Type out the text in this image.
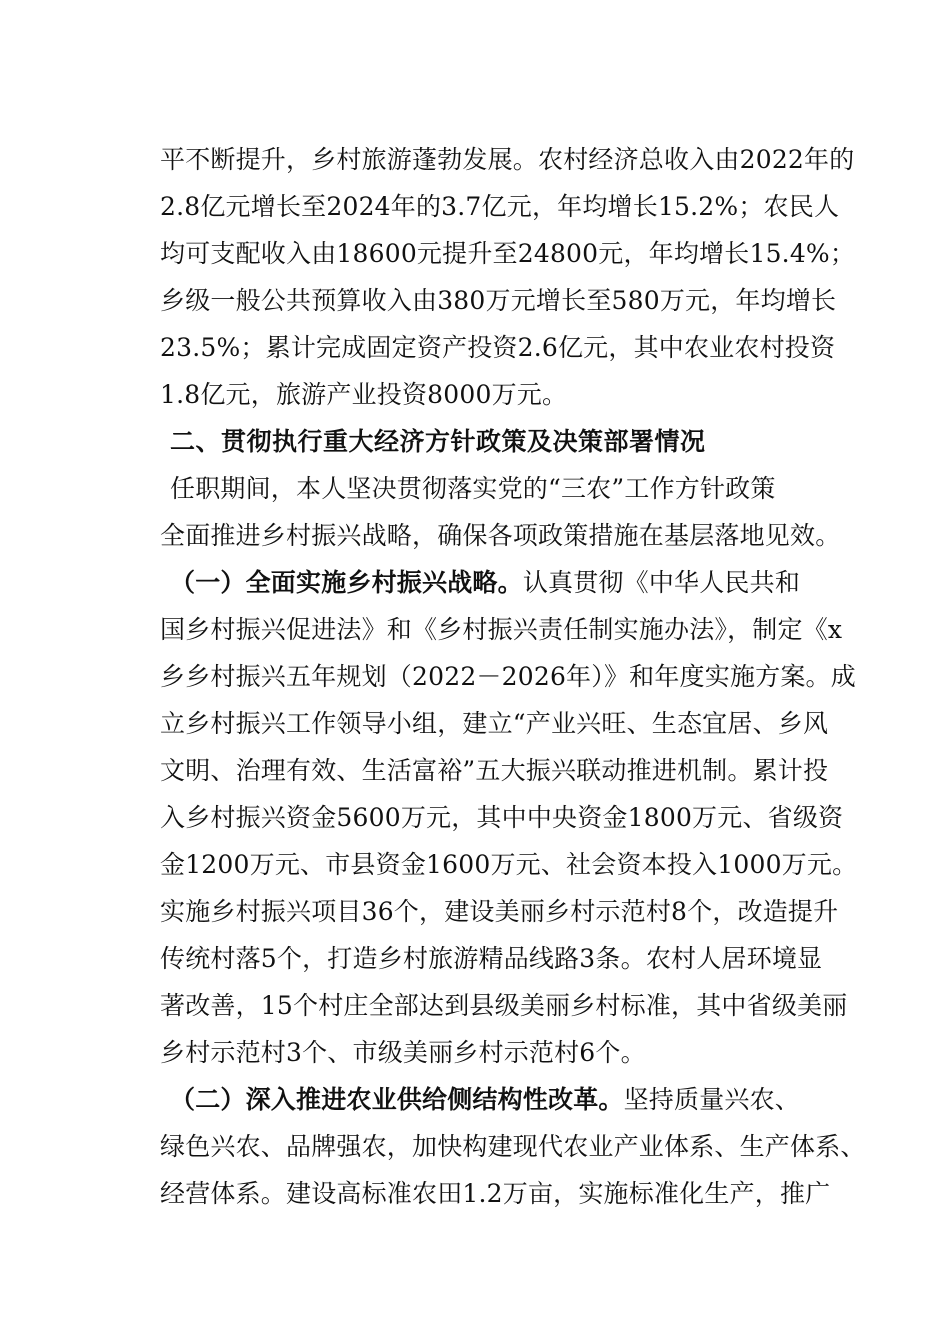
平不断提升，乡村旅游蓬勃发展。农村经济总收入由2022年的
2.8亿元增长至2024年的3.7亿元，年均增长15.2%；农民人
均可支配收入由18600元提升至24800元，年均增长15.4%；
乡级一般公共预算收入由380万元增长至580万元，年均增长
23.5%；累计完成固定资产投资2.6亿元，其中农业农村投资
1.8亿元，旅游产业投资8000万元。
二、贯彻执行重大经济方针政策及决策部署情况
任职期间，本人坚决贯彻落实党的“三农”工作方针政策
全面推进乡村振兴战略，确保各项政策措施在基层落地见效。
（一）全面实施乡村振兴战略。认真贯彻《中华人民共和
国乡村振兴促进法》和《乡村振兴责任制实施办法》，制定《x
乡乡村振兴五年规划（2022－2026年）》和年度实施方案。成
立乡村振兴工作领导小组，建立“产业兴旺、生态宜居、乡风
文明、治理有效、生活富裕”五大振兴联动推进机制。累计投
入乡村振兴资金5600万元，其中中央资金1800万元、省级资
金1200万元、市县资金1600万元、社会资本投入1000万元。
实施乡村振兴项目36个，建设美丽乡村示范村8个，改造提升
传统村落5个，打造乡村旅游精品线路3条。农村人居环境显
著改善，15个村庄全部达到县级美丽乡村标准，其中省级美丽
乡村示范村3个、市级美丽乡村示范村6个。
（二）深入推进农业供给侧结构性改革。坚持质量兴农、
绿色兴农、品牌强农，加快构建现代农业产业体系、生产体系、
经营体系。建设高标准农田1.2万亩，实施标准化生产，推广
